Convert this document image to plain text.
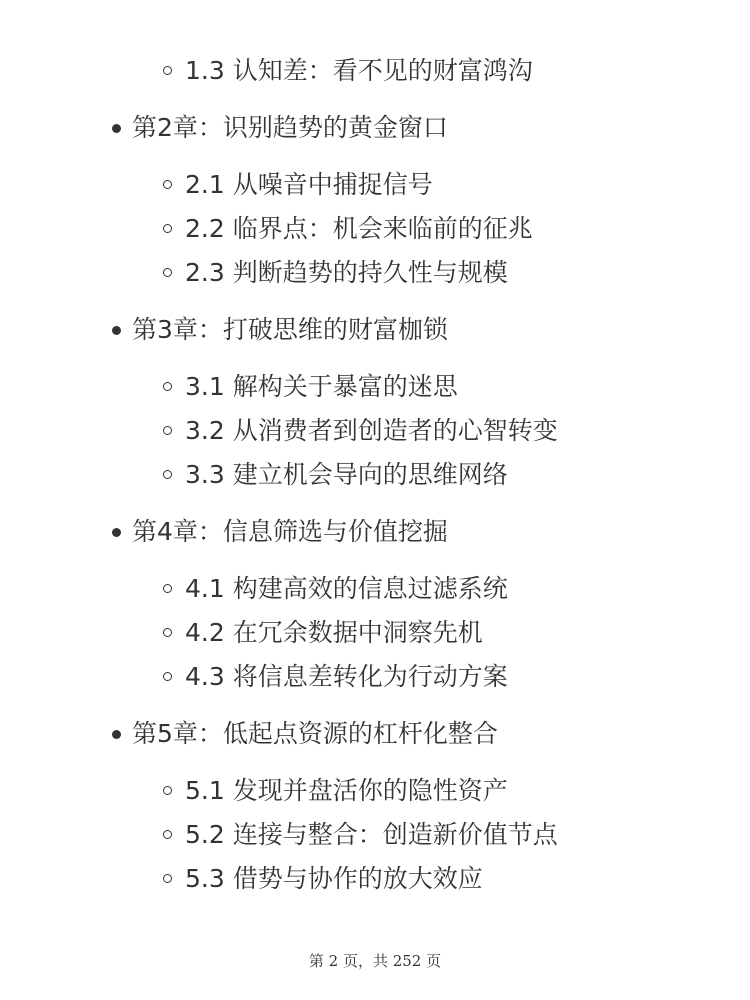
1.3 认知差：看不见的财富鸿沟
第2章：识别趋势的黄金窗口
2.1 从噪音中捕捉信号
2.2 临界点：机会来临前的征兆
2.3 判断趋势的持久性与规模
第3章：打破思维的财富枷锁
3.1 解构关于暴富的迷思
3.2 从消费者到创造者的心智转变
3.3 建立机会导向的思维网络
第4章：信息筛选与价值挖掘
4.1 构建高效的信息过滤系统
4.2 在冗余数据中洞察先机
4.3 将信息差转化为行动方案
第5章：低起点资源的杠杆化整合
5.1 发现并盘活你的隐性资产
5.2 连接与整合：创造新价值节点
5.3 借势与协作的放大效应
第 2 页，共 252 页
